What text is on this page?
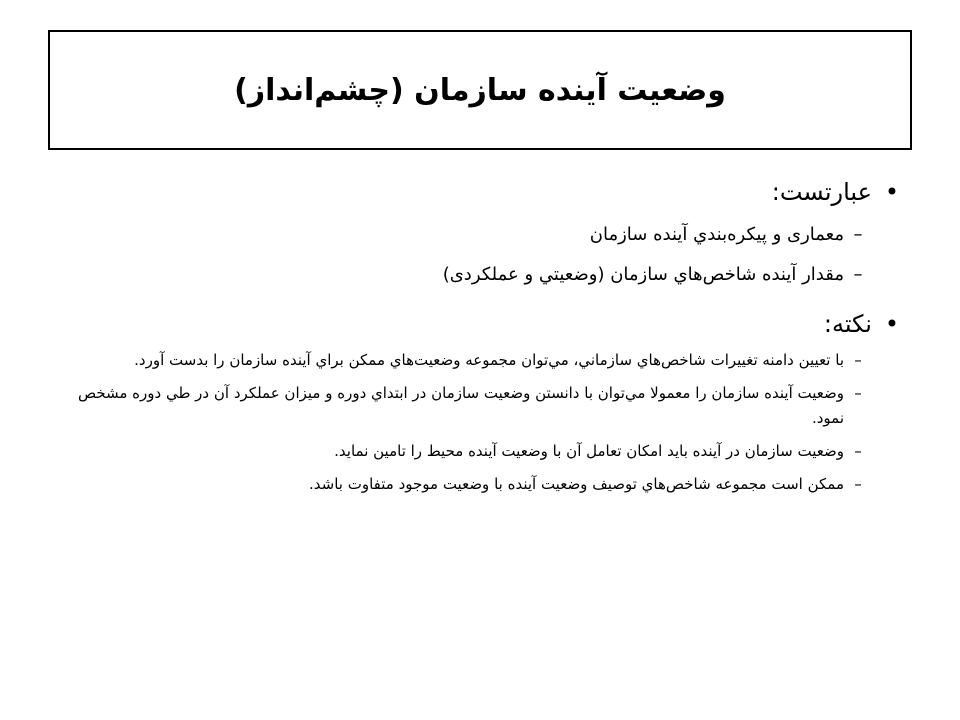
وضعیت آینده سازمان (چشم‌انداز)
•
عبارتست:
–
معماری و پيكره‌بندي آينده سازمان
–
مقدار آينده شاخص‌هاي سازمان (وضعيتي و عملكردی)
•
نكته:
–
با تعيين دامنه تغييرات شاخص‌هاي سازماني، مي‌توان مجموعه وضعيت‌هاي ممكن براي آينده سازمان را بدست آورد.
–
وضعيت آينده سازمان را معمولا مي‌توان با دانستن وضعيت سازمان در ابتداي دوره و ميزان عملكرد آن در طي دوره مشخص نمود.
–
وضعيت سازمان در آينده بايد امكان تعامل آن با وضعيت آينده محيط را تامين نمايد.
–
ممكن است مجموعه شاخص‌هاي توصيف وضعيت آينده با وضعيت موجود متفاوت باشد.
